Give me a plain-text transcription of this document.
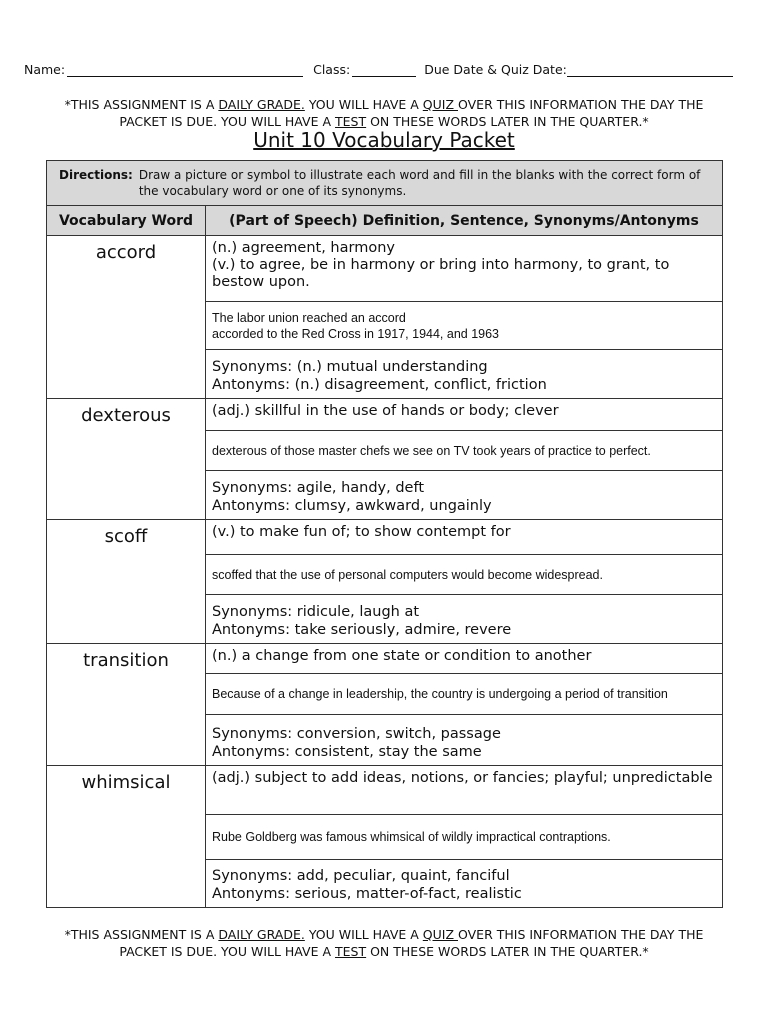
Name:	Class:	Due Date & Quiz Date:
*THIS ASSIGNMENT IS A DAILY GRADE. YOU WILL HAVE A QUIZ OVER THIS INFORMATION THE DAY THE
PACKET IS DUE. YOU WILL HAVE A TEST ON THESE WORDS LATER IN THE QUARTER.*
Unit 10 Vocabulary Packet
Directions: Draw a picture or symbol to illustrate each word and fill in the blanks with the correct form of the vocabulary word or one of its synonyms.	

Vocabulary Word	(Part of Speech) Definition, Sentence, Synonyms/Antonyms
accord	(n.) agreement, harmony
(v.) to agree, be in harmony or bring into harmony, to grant, to bestow upon.
	The labor union reached an accord
accorded to the Red Cross in 1917, 1944, and 1963
	Synonyms: (n.) mutual understanding
Antonyms: (n.) disagreement, conflict, friction
dexterous	(adj.) skillful in the use of hands or body; clever
	dexterous of those master chefs we see on TV took years of practice to perfect.
	Synonyms: agile, handy, deft
Antonyms: clumsy, awkward, ungainly
scoff	(v.) to make fun of; to show contempt for
	scoffed that the use of personal computers would become widespread.
	Synonyms: ridicule, laugh at
Antonyms: take seriously, admire, revere
transition	(n.) a change from one state or condition to another
	Because of a change in leadership, the country is undergoing a period of transition
	Synonyms: conversion, switch, passage
Antonyms: consistent, stay the same
whimsical	(adj.) subject to add ideas, notions, or fancies; playful; unpredictable
	Rube Goldberg was famous whimsical of wildly impractical contraptions.
	Synonyms: add, peculiar, quaint, fanciful
Antonyms: serious, matter-of-fact, realistic
*THIS ASSIGNMENT IS A DAILY GRADE. YOU WILL HAVE A QUIZ OVER THIS INFORMATION THE DAY THE
PACKET IS DUE. YOU WILL HAVE A TEST ON THESE WORDS LATER IN THE QUARTER.*
